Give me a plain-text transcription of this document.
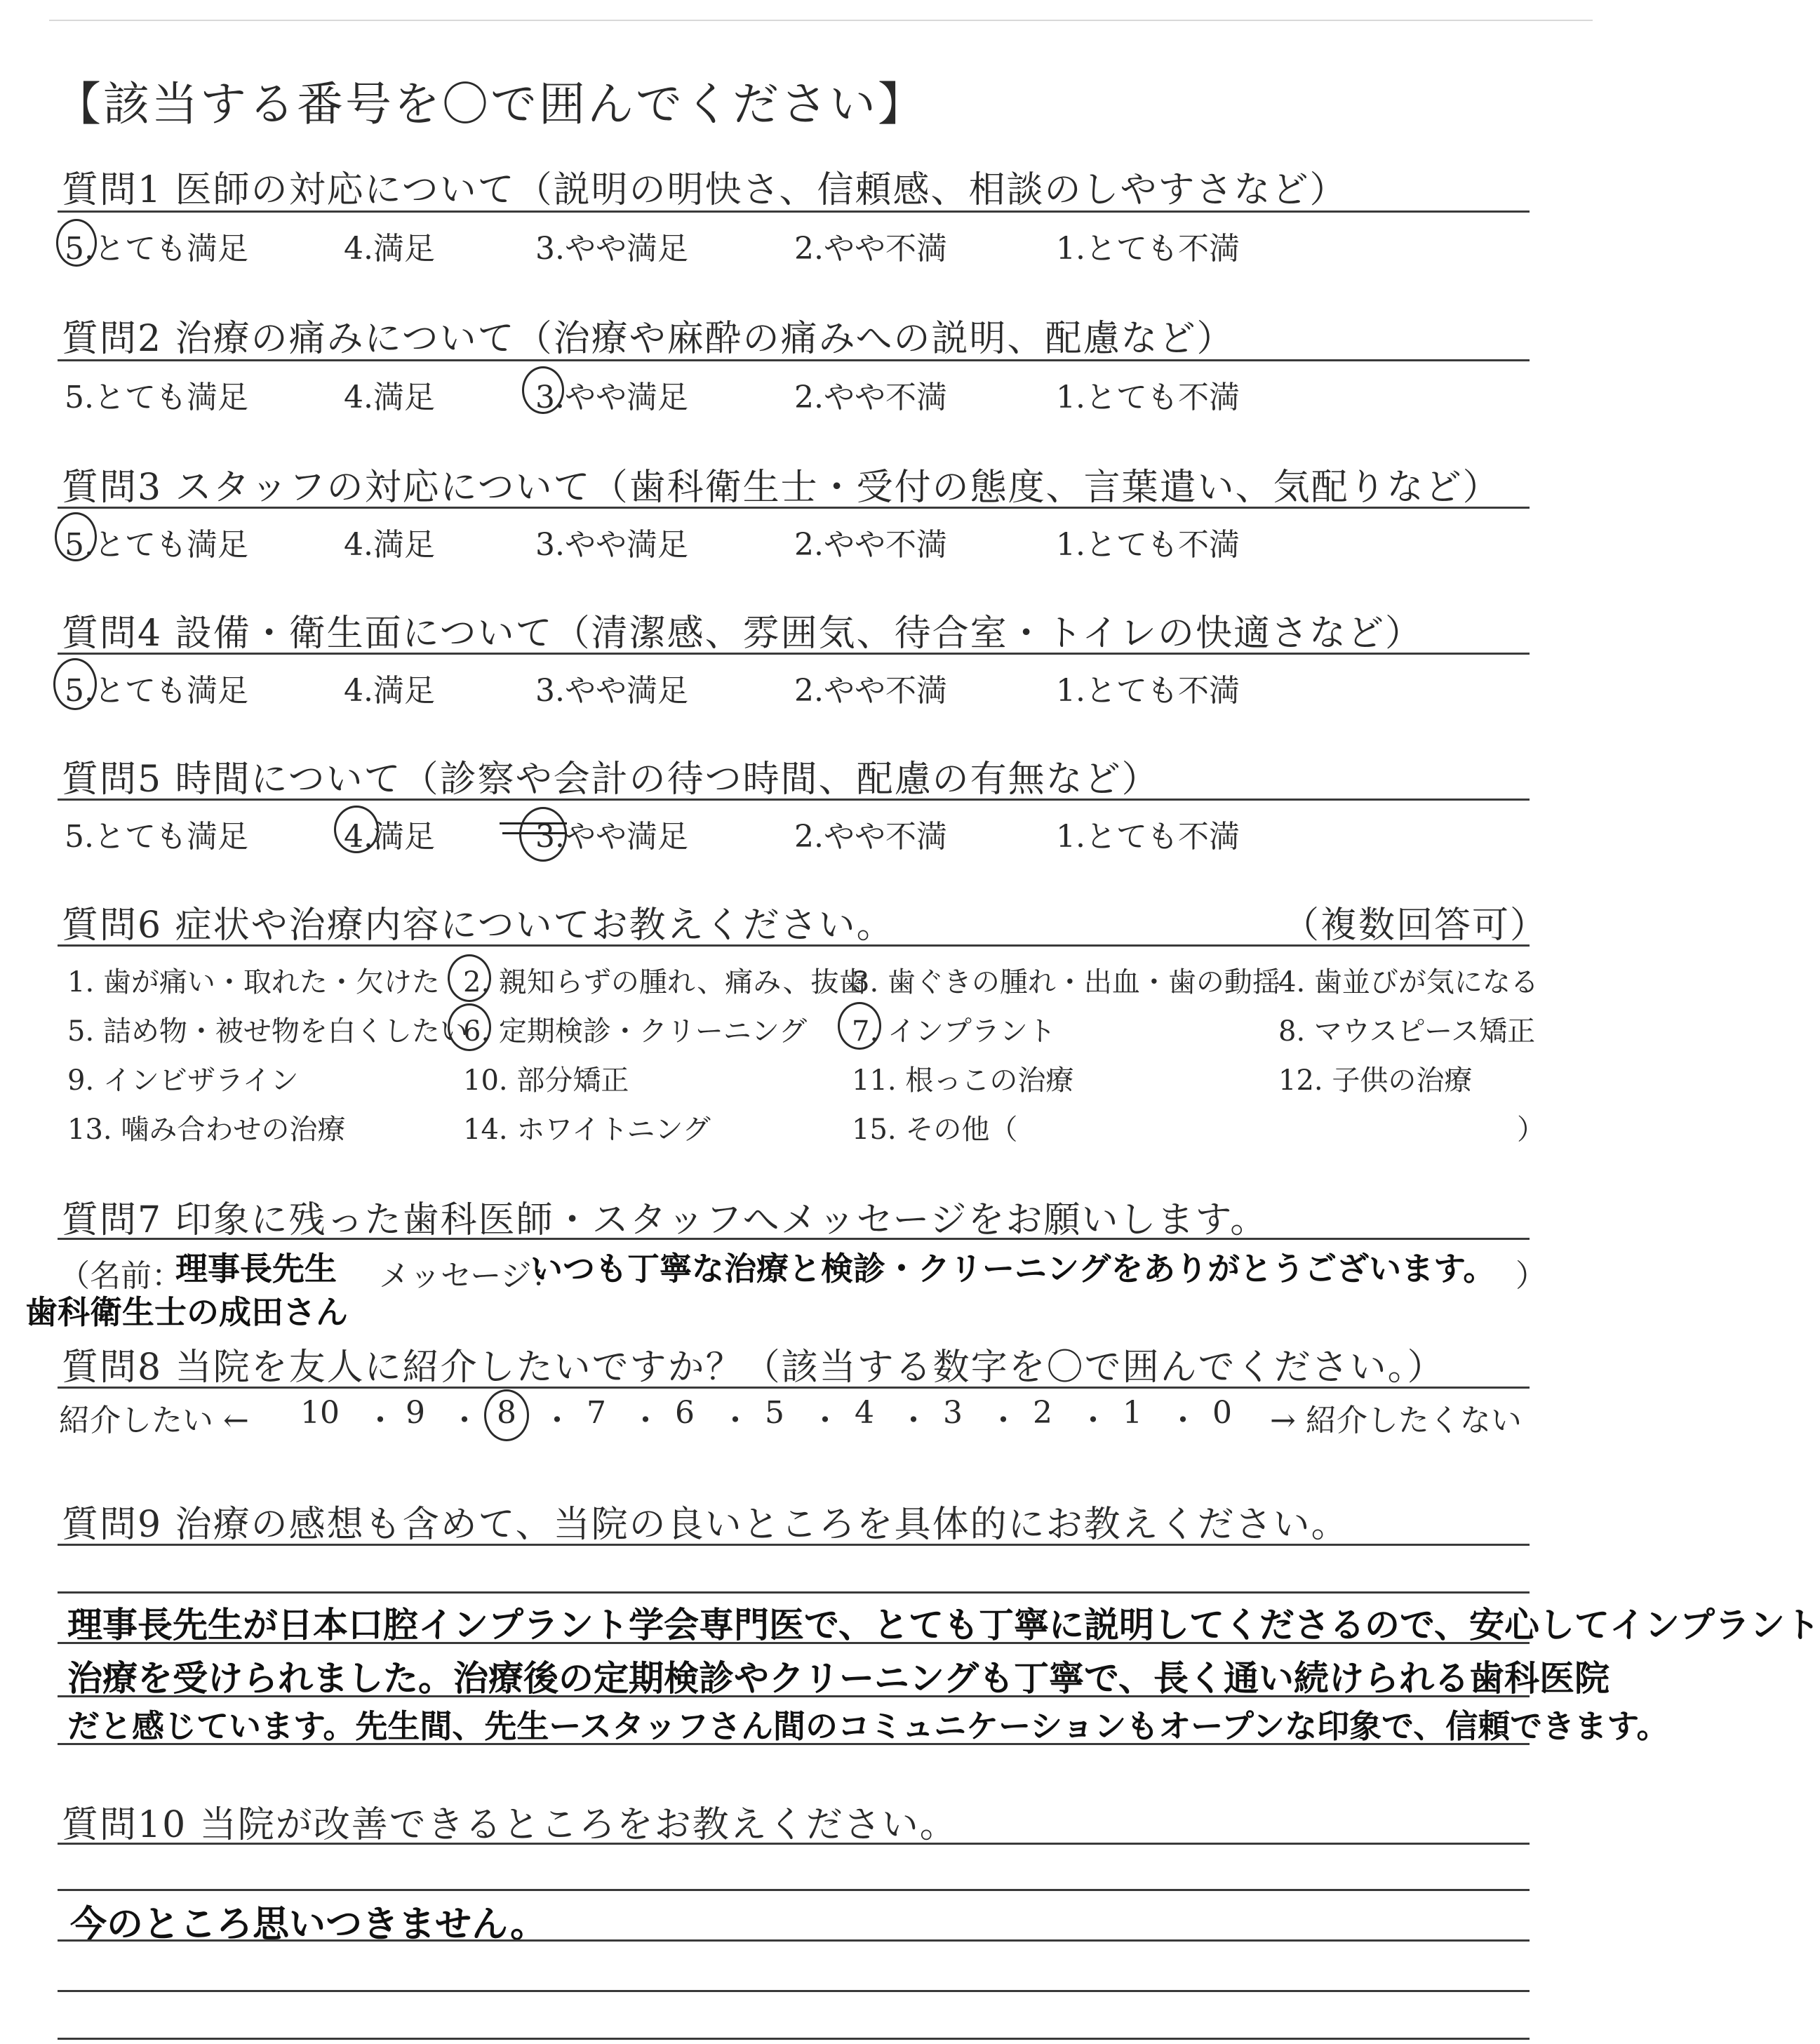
【該当する番号を〇で囲んでください】
質問1 医師の対応について（説明の明快さ、信頼感、相談のしやすさなど）
5.とても満足	4.満足	3.やや満足	2.やや不満	1.とても不満
質問2 治療の痛みについて（治療や麻酔の痛みへの説明、配慮など）
5.とても満足	4.満足	3.やや満足	2.やや不満	1.とても不満
質問3 スタッフの対応について（歯科衛生士・受付の態度、言葉遣い、気配りなど）
5.とても満足	4.満足	3.やや満足	2.やや不満	1.とても不満
質問4 設備・衛生面について（清潔感、雰囲気、待合室・トイレの快適さなど）
5.とても満足	4.満足	3.やや満足	2.やや不満	1.とても不満
質問5 時間について（診察や会計の待つ時間、配慮の有無など）
5.とても満足	4.満足	3.やや満足	2.やや不満	1.とても不満
質問6 症状や治療内容についてお教えください。	（複数回答可）
1. 歯が痛い・取れた・欠けた 2. 親知らずの腫れ、痛み、抜歯
3. 歯ぐきの腫れ・出血・歯の動揺
4. 歯並びが気になる
5. 詰め物・被せ物を白くしたい
6. 定期検診・クリーニング 7. インプラント	8. マウスピース矯正
9. インビザライン	10. 部分矯正	11. 根っこの治療	12. 子供の治療
13. 噛み合わせの治療	14. ホワイトニング	15. その他（	）
質問7 印象に残った歯科医師・スタッフへメッセージをお願いします。
（名前：
理事長先生
歯科衛生士の成田さん
メッセージ：
いつも丁寧な治療と検診・クリーニングをありがとうございます。 ）
質問8 当院を友人に紹介したいですか？（該当する数字を〇で囲んでください。）
紹介したい ←	→ 紹介したくない
10 9 8 7 6 5 4 3 2 1 0
・ ・ ・ ・ ・ ・ ・ ・ ・ ・
質問9 治療の感想も含めて、当院の良いところを具体的にお教えください。
理事長先生が日本口腔インプラント学会専門医で、とても丁寧に説明してくださるので、安心してインプラント
治療を受けられました。治療後の定期検診やクリーニングも丁寧で、長く通い続けられる歯科医院
だと感じています。先生間、先生ースタッフさん間のコミュニケーションもオープンな印象で、信頼できます。
質問10 当院が改善できるところをお教えください。
今のところ思いつきません。
